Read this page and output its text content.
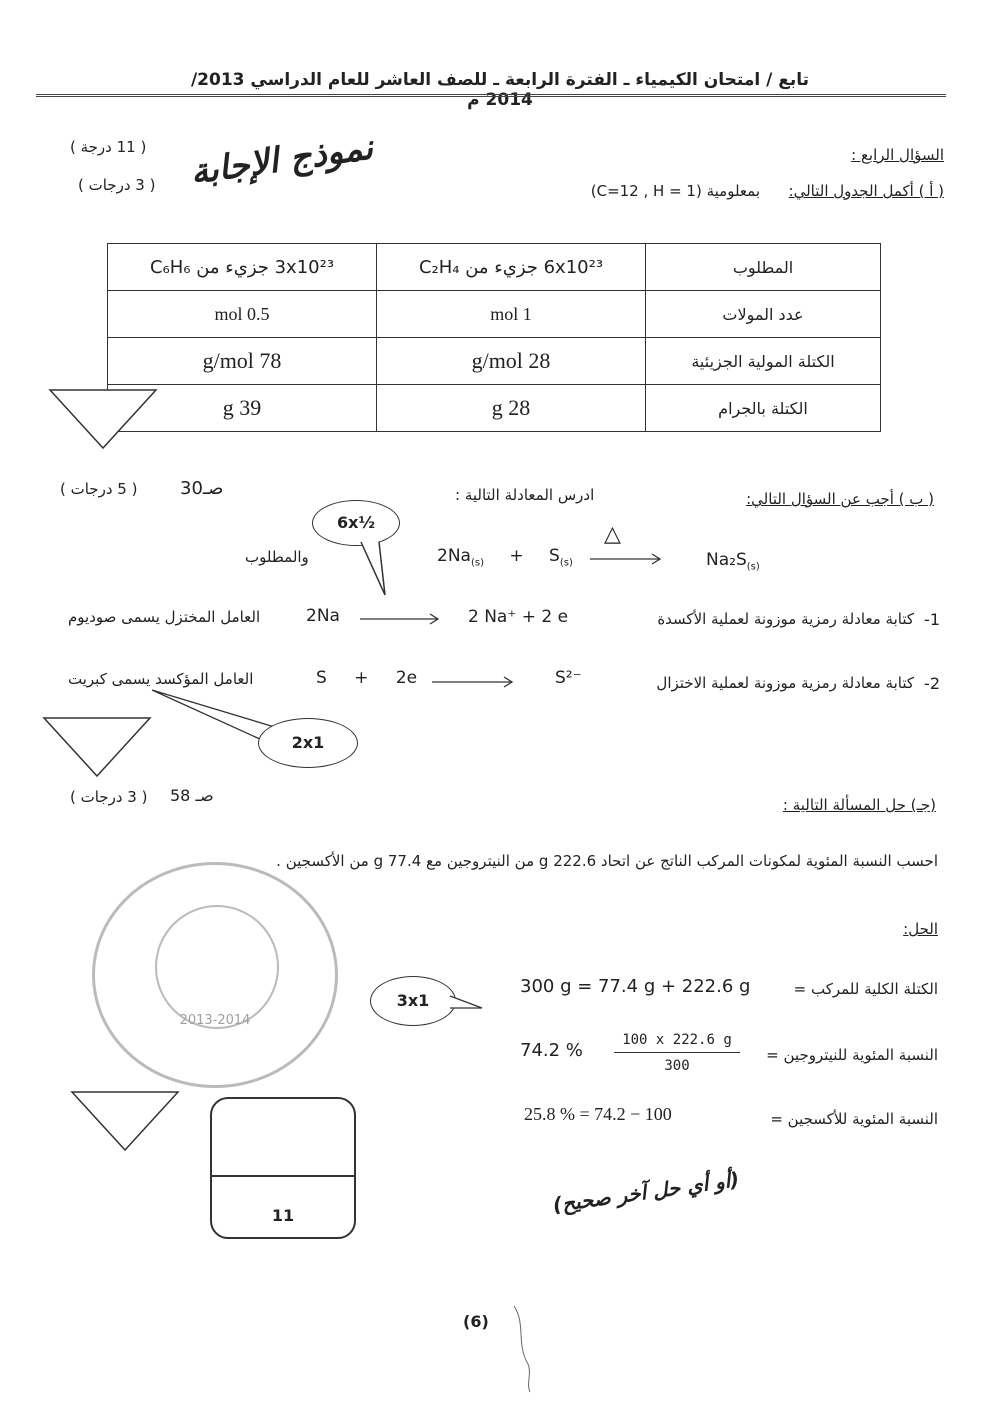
تابع / امتحان الكيمياء ـ الفترة الرابعة ـ للصف العاشر للعام الدراسي 2013/ 2014 م
السؤال الرابع :
( 11 درجة ) نموذج الإجابة
( 3 درجات )	( أ ) أكمل الجدول التالي:
بمعلومية (C=12 , H = 1)
المطلوب	6x10²³ جزيء من C₂H₄	3x10²³ جزيء من C₆H₆
عدد المولات	1 mol	0.5 mol
الكتلة المولية الجزيئية	28 g/mol	78 g/mol
الكتلة بالجرام	28 g	39 g
( ب ) أجب عن السؤال التالي:
ادرس المعادلة التالية :
( 5 درجات ) صـ30
6x½
والمطلوب	$2Na_{(s)} + S_{(s)}$
△
$Na_2S_{(s)}$
1-
كتابة معادلة رمزية موزونة لعملية الأكسدة
2 Na⁺ + 2 e
2Na
العامل المختزل يسمى صوديوم
2-
كتابة معادلة رمزية موزونة لعملية الاختزال
S²⁻
S + 2e
العامل المؤكسد يسمى كبريت
2x1
(جـ) حل المسألة التالية :
( 3 درجات ) صـ 58
احسب النسبة المئوية لمكونات المركب الناتج عن اتحاد 222.6 g من النيتروجين مع 77.4 g من الأكسجين .
الحل:
الكتلة الكلية للمركب =
300 g = 77.4 g + 222.6 g
النسبة المئوية للنيتروجين =
100 x 222.6 g
300
74.2 %
النسبة المئوية للأكسجين =
25.8 % = 74.2 − 100
3x1
(أو أي حل آخر صحيح)
2013-2014
11
(6)
